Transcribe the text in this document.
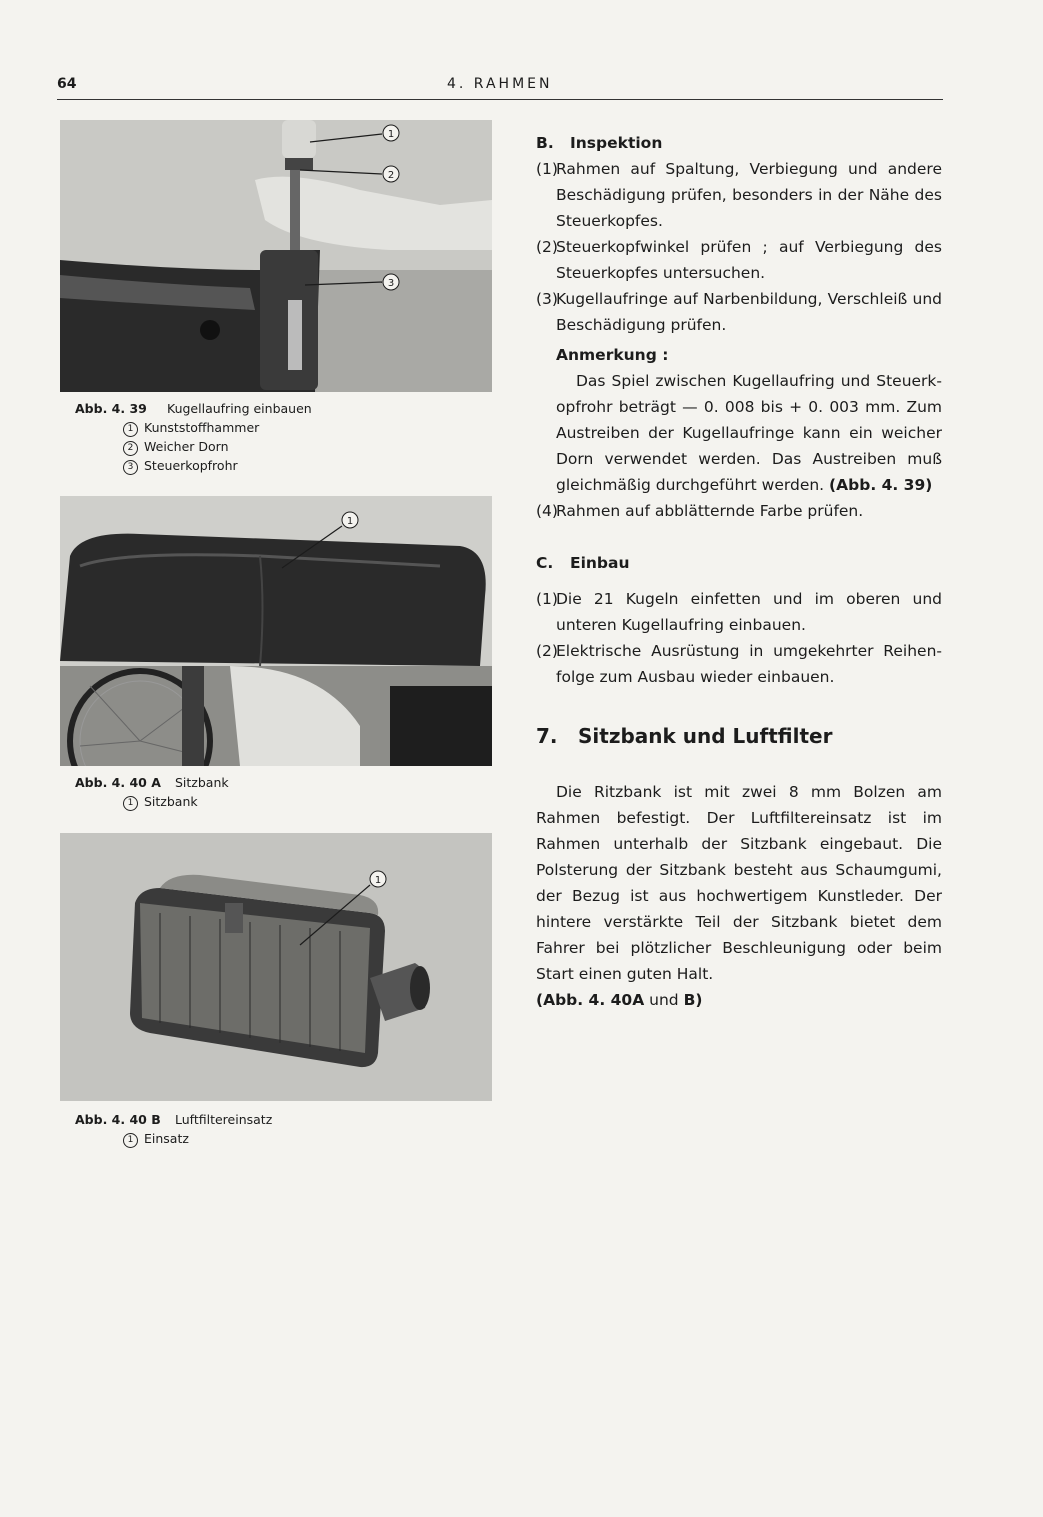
64	4. RAHMEN
1
2
3
Abb. 4. 39 Kugellaufring einbauen
1 Kunststoffhammer
2 Weicher Dorn
3 Steuerkopfrohr
1
Abb. 4. 40 A Sitzbank
1 Sitzbank
1
Abb. 4. 40 B Luftfiltereinsatz
1 Einsatz
B. Inspektion
(1)
Rahmen auf Spaltung, Verbiegung und andere Beschädigung prüfen, besonders in der Nähe des Steuerkopfes.
(2)
Steuerkopfwinkel prüfen ; auf Verbiegung des Steuerkopfes untersuchen.
(3)
Kugellaufringe auf Narbenbildung, Verschleiß und Beschädigung prüfen.
Anmerkung :
Das Spiel zwischen Kugellaufring und Steuerkopfrohr beträgt — 0. 008 bis + 0. 003 mm. Zum Austreiben der Kugellaufringe kann ein weicher Dorn verwendet werden. Das Austreiben muß gleichmäßig durchgeführt werden. (Abb. 4. 39)
(4)
Rahmen auf abblätternde Farbe prüfen.
C. Einbau
(1)
Die 21 Kugeln einfetten und im oberen und unteren Kugellaufring einbauen.
(2)
Elektrische Ausrüstung in umgekehrter Reihenfolge zum Ausbau wieder einbauen.
7. Sitzbank und Luftfilter
Die Ritzbank ist mit zwei 8 mm Bolzen am Rahmen befestigt. Der Luftfiltereinsatz ist im Rahmen unterhalb der Sitzbank eingebaut. Die Polsterung der Sitzbank besteht aus Schaumgumi, der Bezug ist aus hochwertigem Kunstleder. Der hintere verstärkte Teil der Sitzbank bietet dem Fahrer bei plötzlicher Beschleunigung oder beim Start einen guten Halt.
(Abb. 4. 40A und B)
